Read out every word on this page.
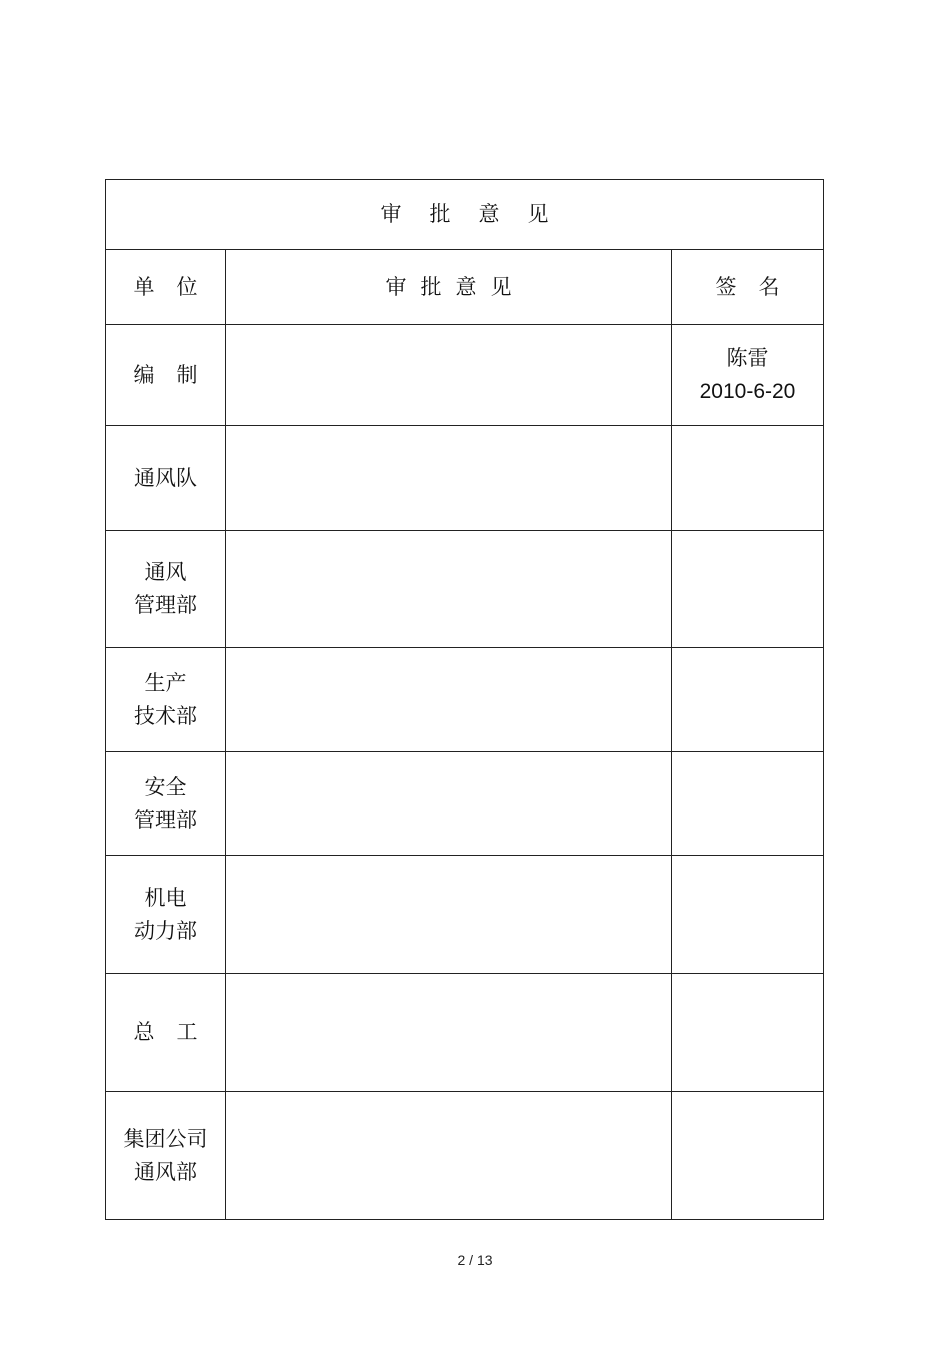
审批意见		
单位	审批意见	签名

编制		陈雷
2010-6-20

通风队		

通风
管理部		

生产
技术部		

安全
管理部		

机电
动力部		

总工		

集团公司
通风部		

2 / 13
